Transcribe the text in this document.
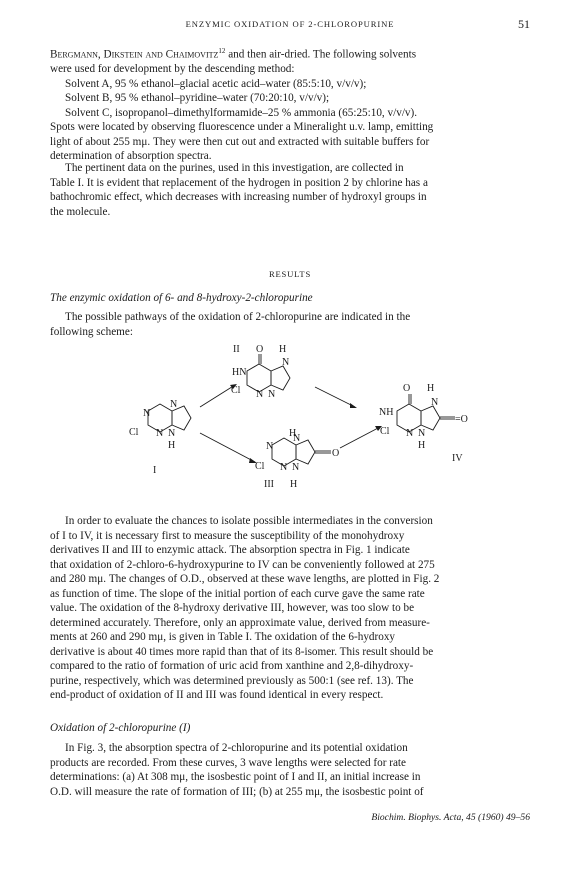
ENZYMIC OXIDATION OF 2-CHLOROPURINE	51
Bergmann, Dikstein and Chaimovitz$^{12}$ and then air-dried. The following solvents
were used for development by the descending method:
Solvent A, 95 % ethanol–glacial acetic acid–water (85:5:10, v/v/v);
Solvent B, 95 % ethanol–pyridine–water (70:20:10, v/v/v);
Solvent C, isopropanol–dimethylformamide–25 % ammonia (65:25:10, v/v/v).
Spots were located by observing fluorescence under a Mineralight u.v. lamp, emitting
light of about 255 mμ. They were then cut out and extracted with suitable buffers for
determination of absorption spectra.
The pertinent data on the purines, used in this investigation, are collected in
Table I. It is evident that replacement of the hydrogen in position 2 by chlorine has a
bathochromic effect, which decreases with increasing number of hydroxyl groups in
the molecule.
RESULTS
The enzymic oxidation of 6- and 8-hydroxy-2-chloropurine
The possible pathways of the oxidation of 2-chloropurine are indicated in the
following scheme:
N
N
Cl N N
H
I
II O H
HN
N
Cl N N
H
N
N
Cl N N
O
III H
O H
NH
N
Cl N N
=O
H
IV
In order to evaluate the chances to isolate possible intermediates in the conversion
of I to IV, it is necessary first to measure the susceptibility of the monohydroxy
derivatives II and III to enzymic attack. The absorption spectra in Fig. 1 indicate
that oxidation of 2-chloro-6-hydroxypurine to IV can be conveniently followed at 275
and 280 mμ. The changes of O.D., observed at these wave lengths, are plotted in Fig. 2
as function of time. The slope of the initial portion of each curve gave the same rate
value. The oxidation of the 8-hydroxy derivative III, however, was too slow to be
determined accurately. Therefore, only an approximate value, derived from measure-
ments at 260 and 290 mμ, is given in Table I. The oxidation of the 6-hydroxy
derivative is about 40 times more rapid than that of its 8-isomer. This result should be
compared to the ratio of formation of uric acid from xanthine and 2,8-dihydroxy-
purine, respectively, which was determined previously as 500:1 (see ref. 13). The
end-product of oxidation of II and III was found identical in every respect.
Oxidation of 2-chloropurine (I)
In Fig. 3, the absorption spectra of 2-chloropurine and its potential oxidation
products are recorded. From these curves, 3 wave lengths were selected for rate
determinations: (a) At 308 mμ, the isosbestic point of I and II, an initial increase in
O.D. will measure the rate of formation of III; (b) at 255 mμ, the isosbestic point of
Biochim. Biophys. Acta, 45 (1960) 49–56
